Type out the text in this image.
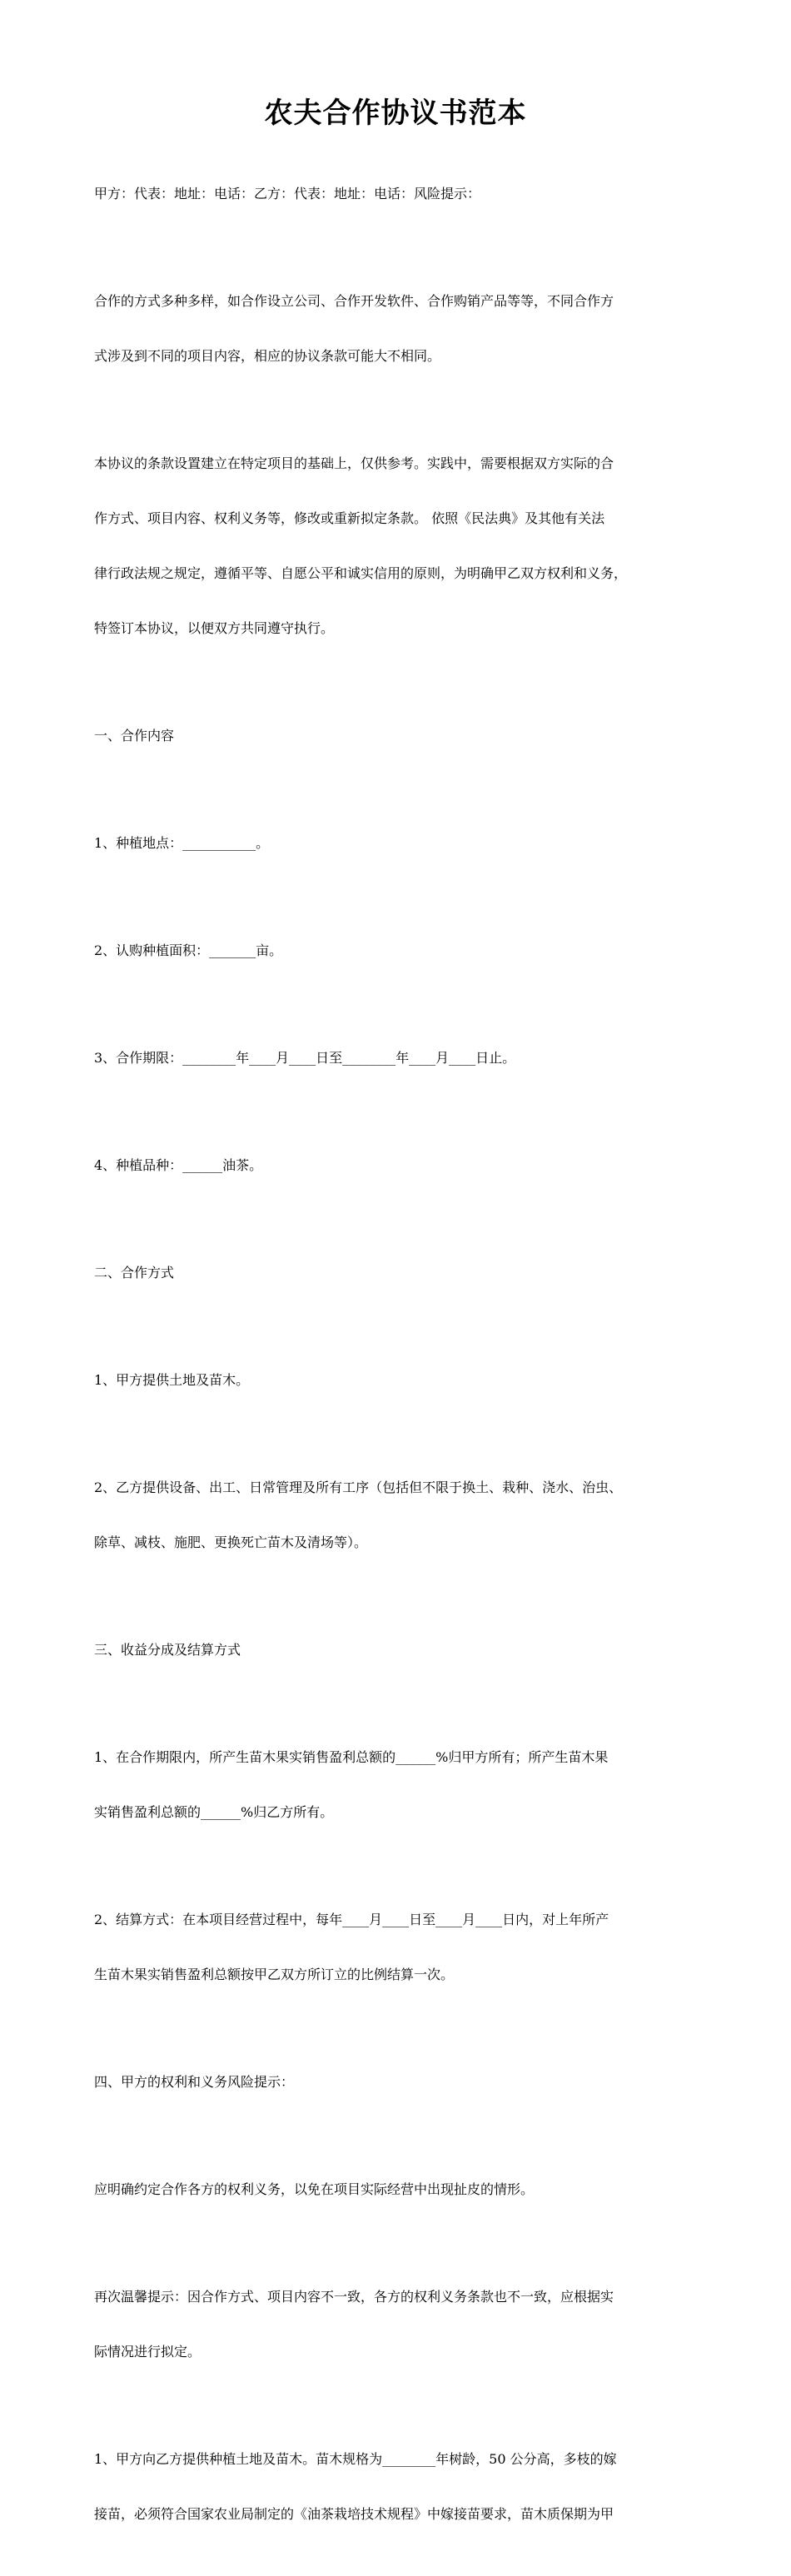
农夫合作协议书范本

甲方：代表：地址：电话：乙方：代表：地址：电话：风险提示：

合作的方式多种多样，如合作设立公司、合作开发软件、合作购销产品等等，不同合作方

式涉及到不同的项目内容，相应的协议条款可能大不相同。

本协议的条款设置建立在特定项目的基础上，仅供参考。实践中，需要根据双方实际的合

作方式、项目内容、权利义务等，修改或重新拟定条款。 依照《民法典》及其他有关法

律行政法规之规定，遵循平等、自愿公平和诚实信用的原则，为明确甲乙双方权利和义务，

特签订本协议，以便双方共同遵守执行。

一、合作内容

1、种植地点：___________。

2、认购种植面积：_______亩。

3、合作期限：________年____月____日至________年____月____日止。

4、种植品种：______油茶。

二、合作方式

1、甲方提供土地及苗木。

2、乙方提供设备、出工、日常管理及所有工序（包括但不限于换土、栽种、浇水、治虫、

除草、减枝、施肥、更换死亡苗木及清场等）。

三、收益分成及结算方式

1、在合作期限内，所产生苗木果实销售盈利总额的______%归甲方所有；所产生苗木果

实销售盈利总额的______%归乙方所有。

2、结算方式：在本项目经营过程中，每年____月____日至____月____日内，对上年所产

生苗木果实销售盈利总额按甲乙双方所订立的比例结算一次。

四、甲方的权利和义务风险提示：

应明确约定合作各方的权利义务，以免在项目实际经营中出现扯皮的情形。

再次温馨提示：因合作方式、项目内容不一致，各方的权利义务条款也不一致，应根据实

际情况进行拟定。

1、甲方向乙方提供种植土地及苗木。苗木规格为________年树龄，50 公分高，多枝的嫁

接苗，必须符合国家农业局制定的《油茶栽培技术规程》中嫁接苗要求，苗木质保期为甲
